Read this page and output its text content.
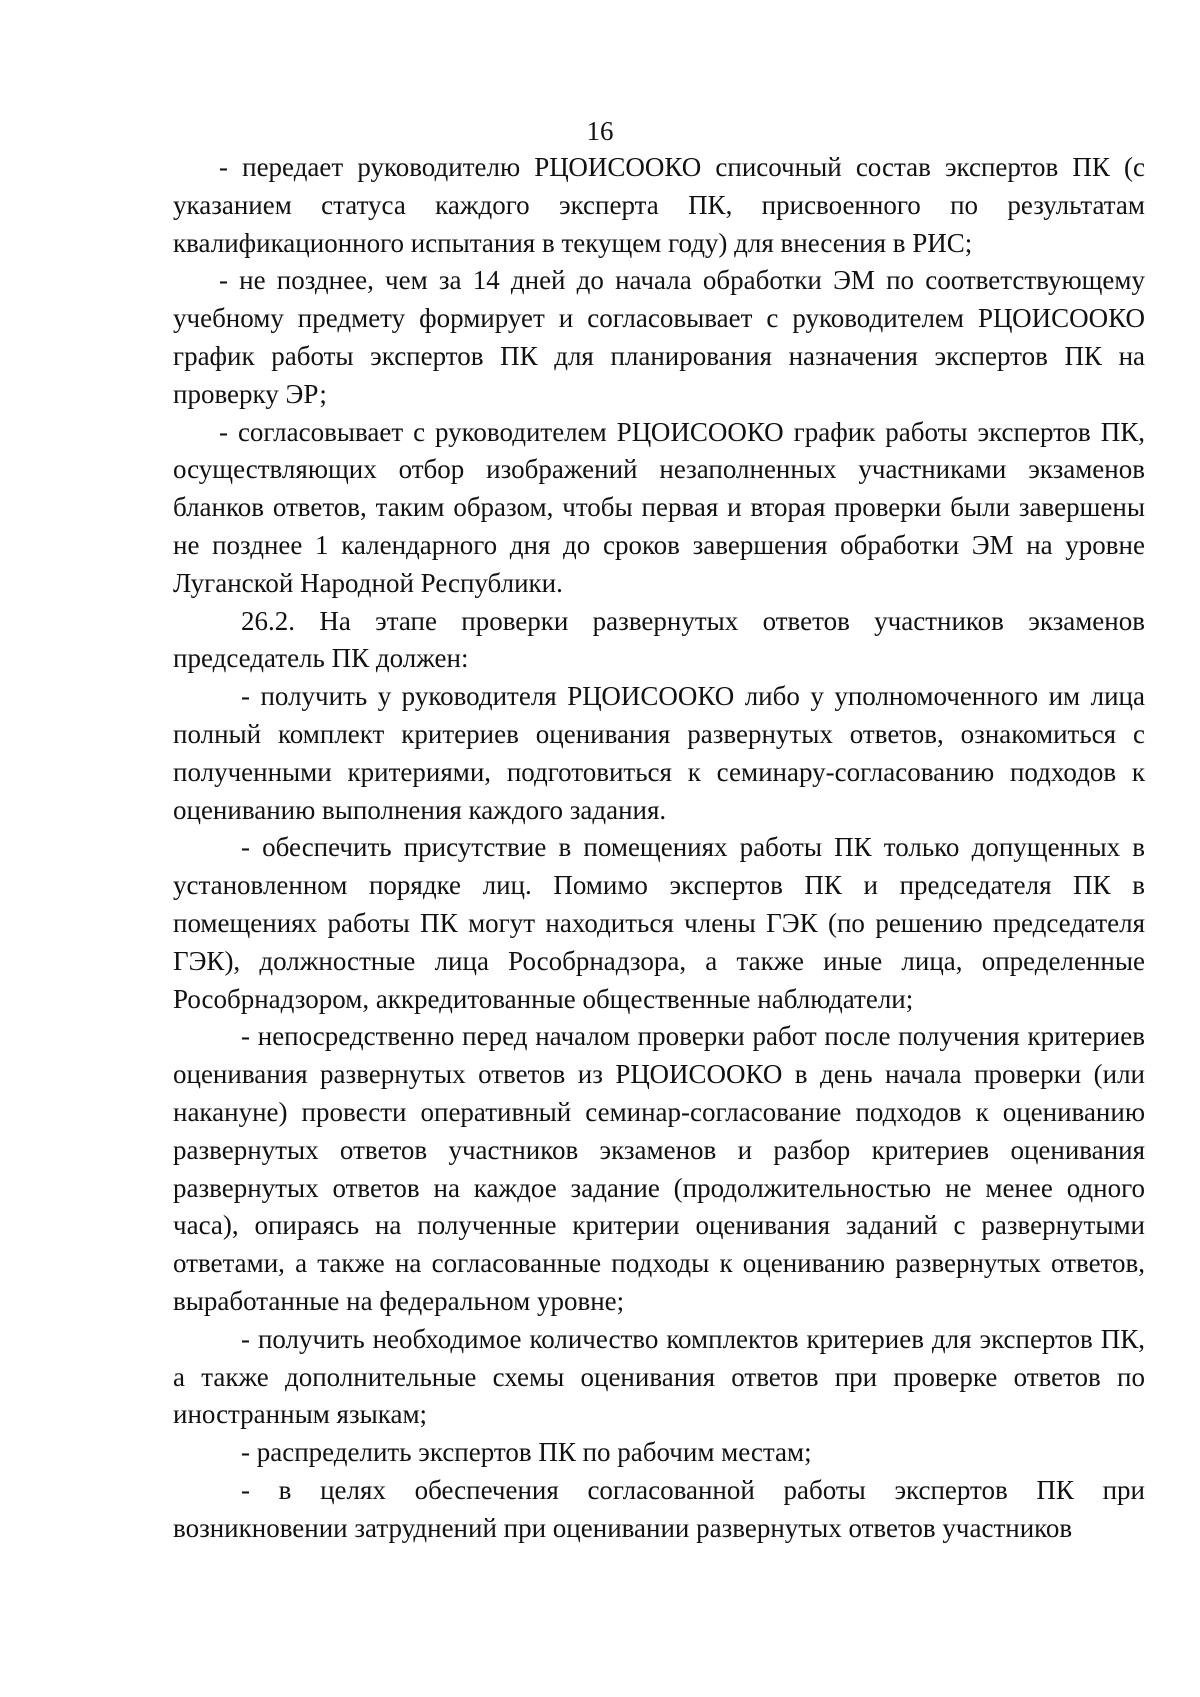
16

- передает руководителю РЦОИСООКО списочный состав экспертов ПК (с указанием статуса каждого эксперта ПК, присвоенного по результатам квалификационного испытания в текущем году) для внесения в РИС;

- не позднее, чем за 14 дней до начала обработки ЭМ по соответствующему учебному предмету формирует и согласовывает с руководителем РЦОИСООКО график работы экспертов ПК для планирования назначения экспертов ПК на проверку ЭР;

- согласовывает с руководителем РЦОИСООКО график работы экспертов ПК, осуществляющих отбор изображений незаполненных участниками экзаменов бланков ответов, таким образом, чтобы первая и вторая проверки были завершены не позднее 1 календарного дня до сроков завершения обработки ЭМ на уровне Луганской Народной Республики.

26.2. На этапе проверки развернутых ответов участников экзаменов председатель ПК должен:

- получить у руководителя РЦОИСООКО либо у уполномоченного им лица полный комплект критериев оценивания развернутых ответов, ознакомиться с полученными критериями, подготовиться к семинару-согласованию подходов к оцениванию выполнения каждого задания.

- обеспечить присутствие в помещениях работы ПК только допущенных в установленном порядке лиц. Помимо экспертов ПК и председателя ПК в помещениях работы ПК могут находиться члены ГЭК (по решению председателя ГЭК), должностные лица Рособрнадзора, а также иные лица, определенные Рособрнадзором, аккредитованные общественные наблюдатели;

- непосредственно перед началом проверки работ после получения критериев оценивания развернутых ответов из РЦОИСООКО в день начала проверки (или накануне) провести оперативный семинар-согласование подходов к оцениванию развернутых ответов участников экзаменов и разбор критериев оценивания развернутых ответов на каждое задание (продолжительностью не менее одного часа), опираясь на полученные критерии оценивания заданий с развернутыми ответами, а также на согласованные подходы к оцениванию развернутых ответов, выработанные на федеральном уровне;

- получить необходимое количество комплектов критериев для экспертов ПК, а также дополнительные схемы оценивания ответов при проверке ответов по иностранным языкам;

- распределить экспертов ПК по рабочим местам;

- в целях обеспечения согласованной работы экспертов ПК при возникновении затруднений при оценивании развернутых ответов участников
